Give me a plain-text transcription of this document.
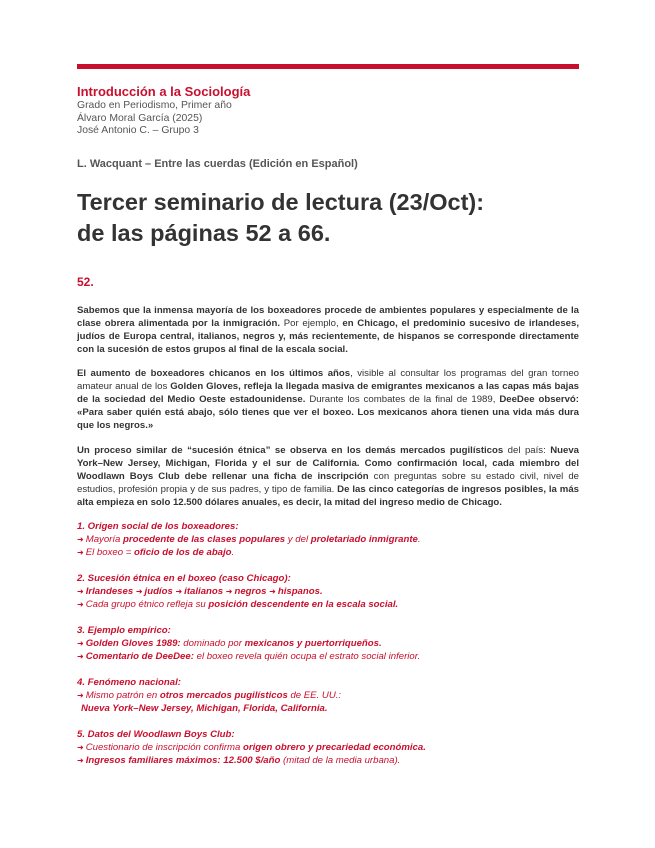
Introducción a la Sociología
Grado en Periodismo, Primer año
Álvaro Moral García (2025)
José Antonio C. – Grupo 3
L. Wacquant – Entre las cuerdas (Edición en Español)
Tercer seminario de lectura (23/Oct):
de las páginas 52 a 66.
52.
Sabemos que la inmensa mayoría de los boxeadores procede de ambientes populares y especialmente de la clase obrera alimentada por la inmigración. Por ejemplo, en Chicago, el predominio sucesivo de irlandeses, judíos de Europa central, italianos, negros y, más recientemente, de hispanos se corresponde directamente con la sucesión de estos grupos al final de la escala social.
El aumento de boxeadores chicanos en los últimos años, visible al consultar los programas del gran torneo amateur anual de los Golden Gloves, refleja la llegada masiva de emigrantes mexicanos a las capas más bajas de la sociedad del Medio Oeste estadounidense. Durante los combates de la final de 1989, DeeDee observó: «Para saber quién está abajo, sólo tienes que ver el boxeo. Los mexicanos ahora tienen una vida más dura que los negros.»
Un proceso similar de “sucesión étnica” se observa en los demás mercados pugilísticos del país: Nueva York–New Jersey, Michigan, Florida y el sur de California. Como confirmación local, cada miembro del Woodlawn Boys Club debe rellenar una ficha de inscripción con preguntas sobre su estado civil, nivel de estudios, profesión propia y de sus padres, y tipo de familia. De las cinco categorías de ingresos posibles, la más alta empieza en solo 12.500 dólares anuales, es decir, la mitad del ingreso medio de Chicago.
1. Origen social de los boxeadores:
➜ Mayoría procedente de las clases populares y del proletariado inmigrante.
➜ El boxeo = oficio de los de abajo.
2. Sucesión étnica en el boxeo (caso Chicago):
➜ Irlandeses ➜ judíos ➜ italianos ➜ negros ➜ hispanos.
➜ Cada grupo étnico refleja su posición descendente en la escala social.
3. Ejemplo empírico:
➜ Golden Gloves 1989: dominado por mexicanos y puertorriqueños.
➜ Comentario de DeeDee: el boxeo revela quién ocupa el estrato social inferior.
4. Fenómeno nacional:
➜ Mismo patrón en otros mercados pugilísticos de EE. UU.:
Nueva York–New Jersey, Michigan, Florida, California.
5. Datos del Woodlawn Boys Club:
➜ Cuestionario de inscripción confirma origen obrero y precariedad económica.
➜ Ingresos familiares máximos: 12.500 $/año (mitad de la media urbana).
